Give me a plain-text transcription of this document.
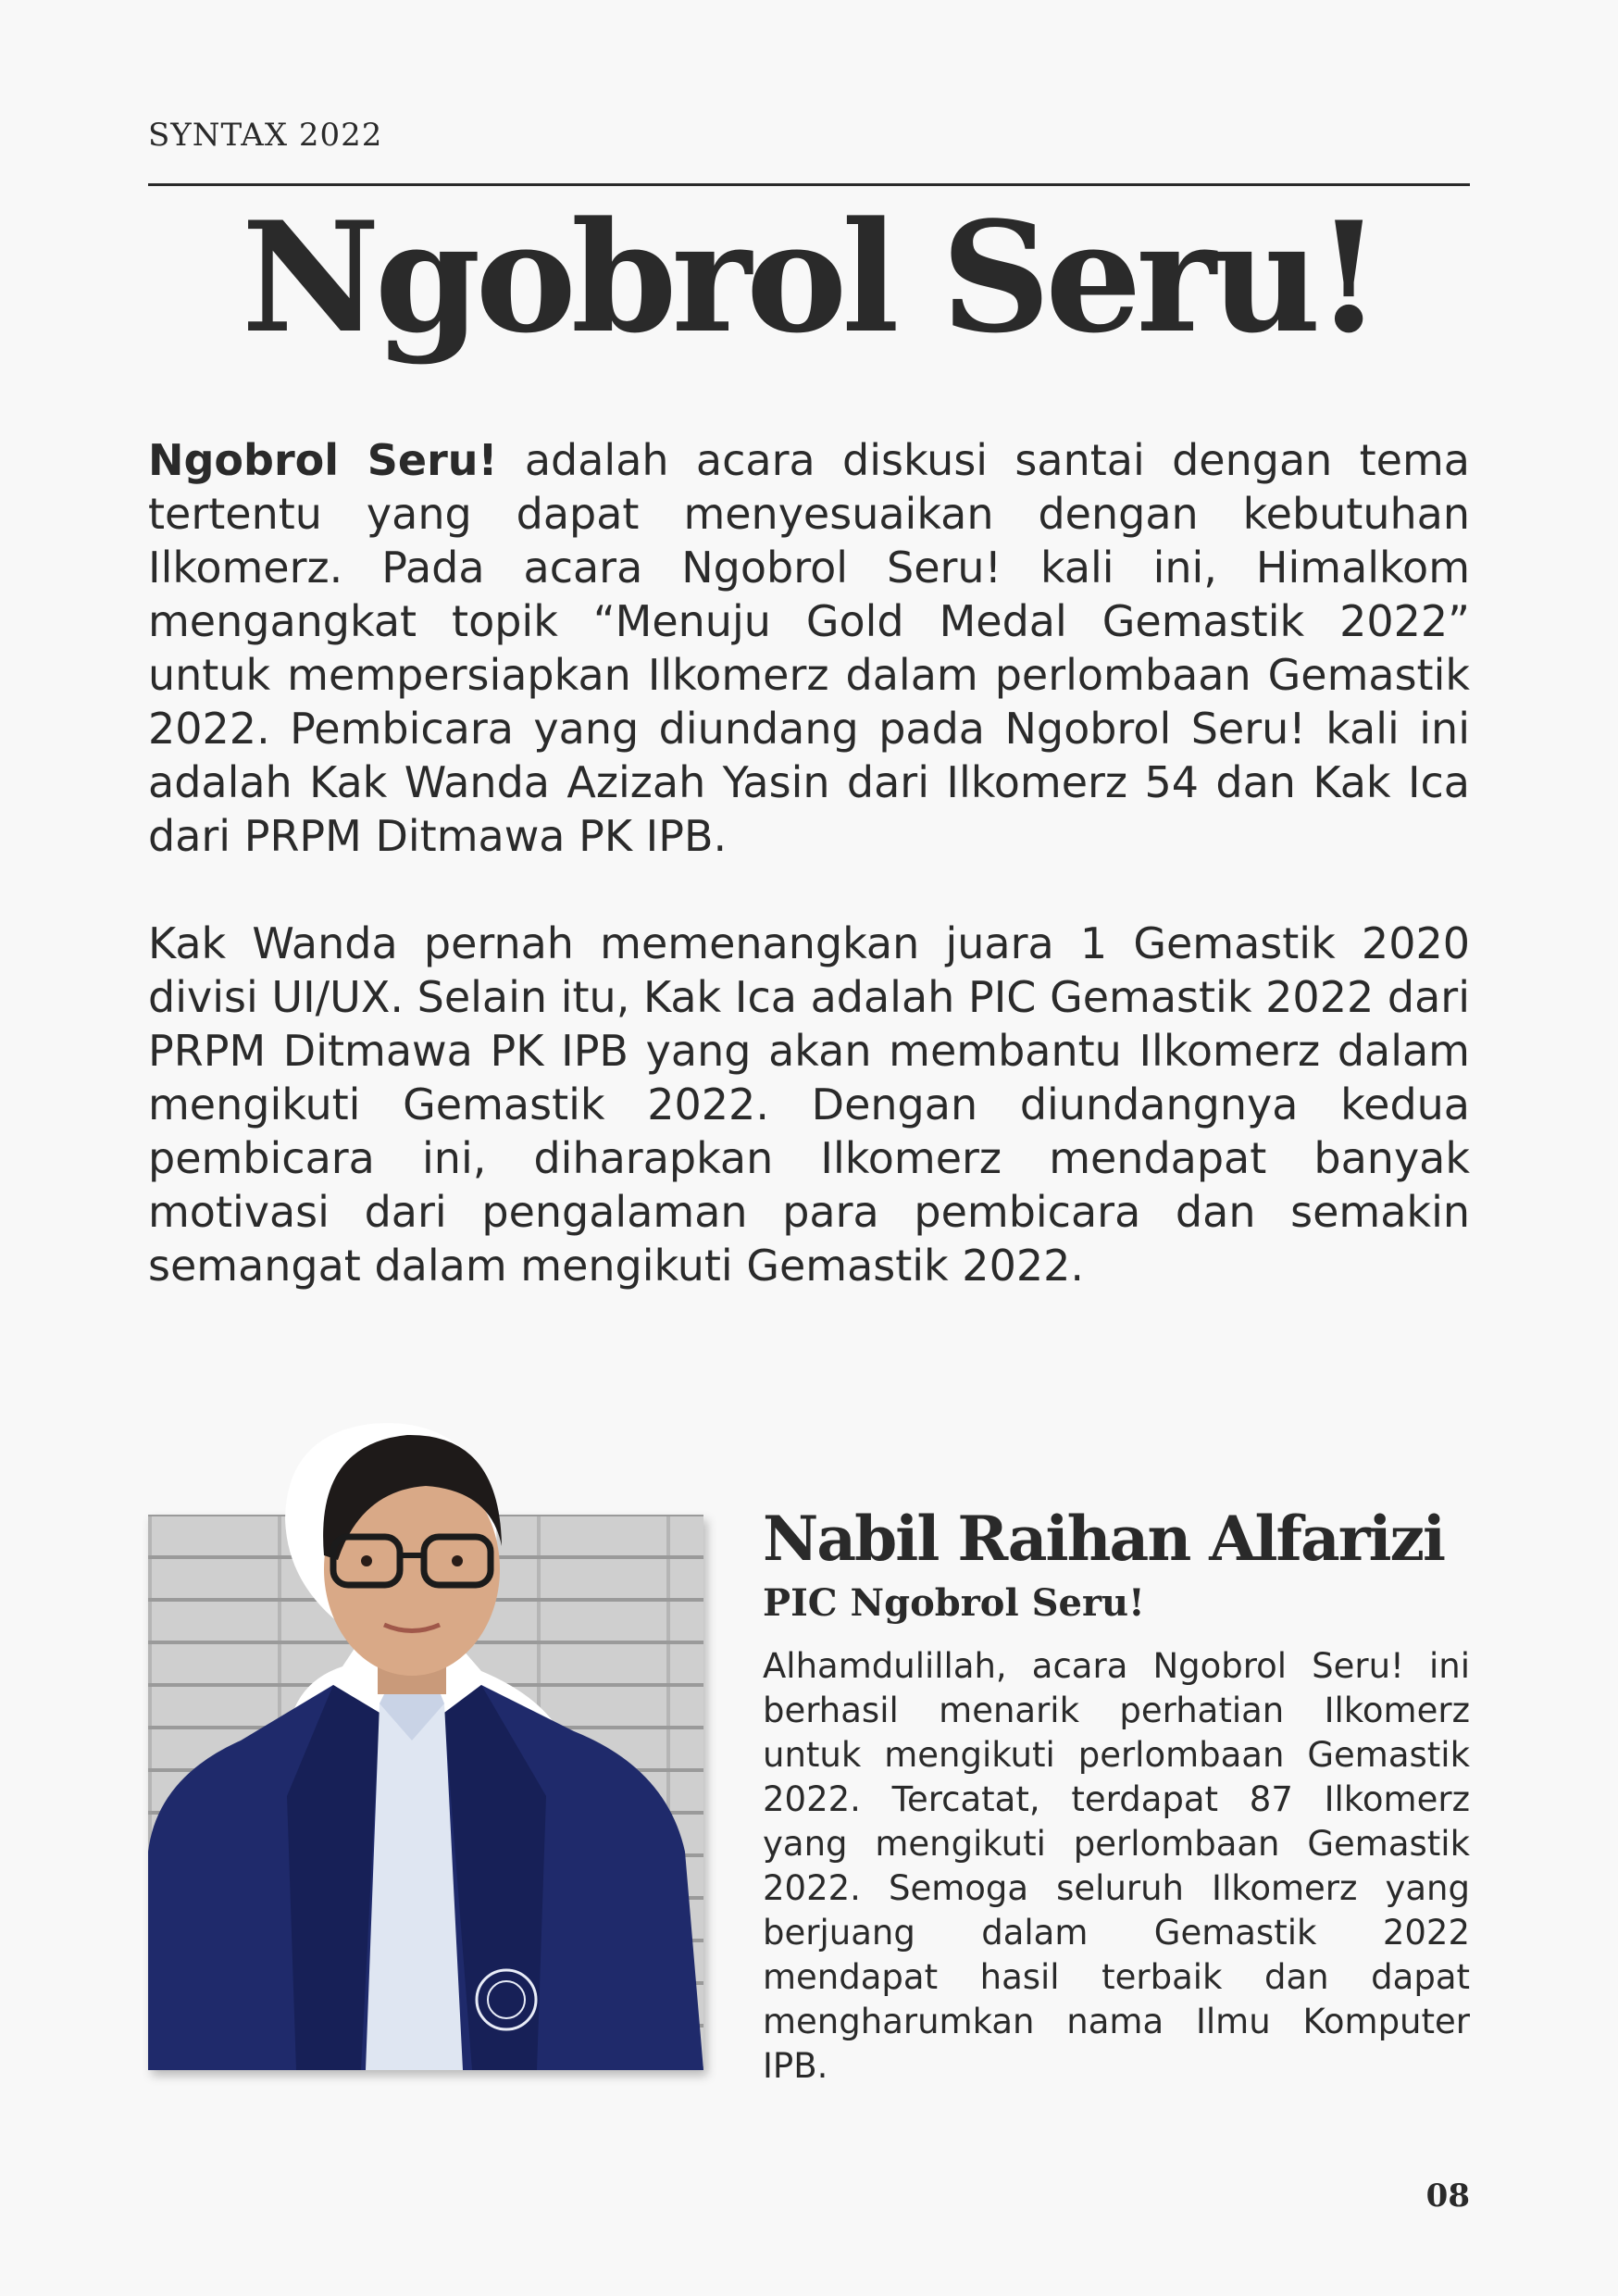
SYNTAX 2022
Ngobrol Seru!

Ngobrol Seru! adalah acara diskusi santai dengan tema tertentu yang dapat menyesuaikan dengan kebutuhan Ilkomerz. Pada acara Ngobrol Seru! kali ini, Himalkom mengangkat topik “Menuju Gold Medal Gemastik 2022” untuk mempersiapkan Ilkomerz dalam perlombaan Gemastik 2022. Pembicara yang diundang pada Ngobrol Seru! kali ini adalah Kak Wanda Azizah Yasin dari Ilkomerz 54 dan Kak Ica dari PRPM Ditmawa PK IPB.

Kak Wanda pernah memenangkan juara 1 Gemastik 2020 divisi UI/UX. Selain itu, Kak Ica adalah PIC Gemastik 2022 dari PRPM Ditmawa PK IPB yang akan membantu Ilkomerz dalam mengikuti Gemastik 2022. Dengan diundangnya kedua pembicara ini, diharapkan Ilkomerz mendapat banyak motivasi dari pengalaman para pembicara dan semakin semangat dalam mengikuti Gemastik 2022.

Nabil Raihan Alfarizi
PIC Ngobrol Seru!

Alhamdulillah, acara Ngobrol Seru! ini berhasil menarik perhatian Ilkomerz untuk mengikuti perlombaan Gemastik 2022. Tercatat, terdapat 87 Ilkomerz yang mengikuti perlombaan Gemastik 2022. Semoga seluruh Ilkomerz yang berjuang dalam Gemastik 2022 mendapat hasil terbaik dan dapat mengharumkan nama Ilmu Komputer IPB.

08
